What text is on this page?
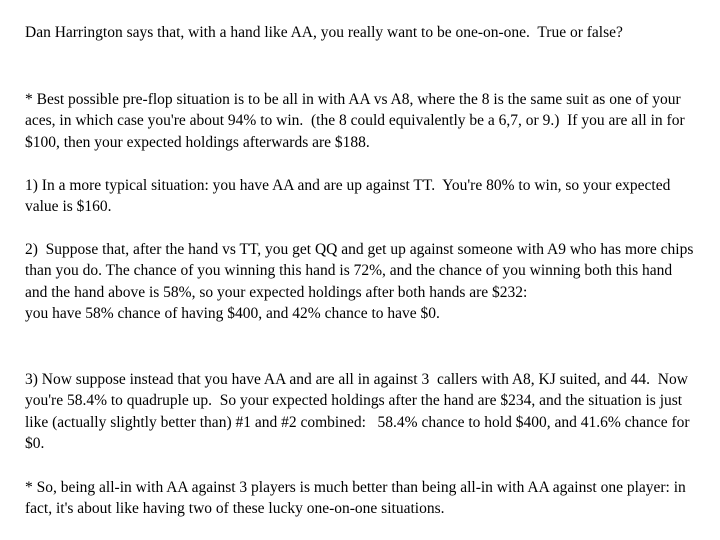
Dan Harrington says that, with a hand like AA, you really want to be one-on-one.  True or false?

* Best possible pre-flop situation is to be all in with AA vs A8, where the 8 is the same suit as one of your aces, in which case you're about 94% to win.  (the 8 could equivalently be a 6,7, or 9.)  If you are all in for $100, then your expected holdings afterwards are $188.

1) In a more typical situation: you have AA and are up against TT.  You're 80% to win, so your expected value is $160.

2)  Suppose that, after the hand vs TT, you get QQ and get up against someone with A9 who has more chips than you do. The chance of you winning this hand is 72%, and the chance of you winning both this hand and the hand above is 58%, so your expected holdings after both hands are $232:
you have 58% chance of having $400, and 42% chance to have $0.

3) Now suppose instead that you have AA and are all in against 3  callers with A8, KJ suited, and 44.  Now you're 58.4% to quadruple up.  So your expected holdings after the hand are $234, and the situation is just like (actually slightly better than) #1 and #2 combined:   58.4% chance to hold $400, and 41.6% chance for $0.

* So, being all-in with AA against 3 players is much better than being all-in with AA against one player: in fact, it's about like having two of these lucky one-on-one situations.
